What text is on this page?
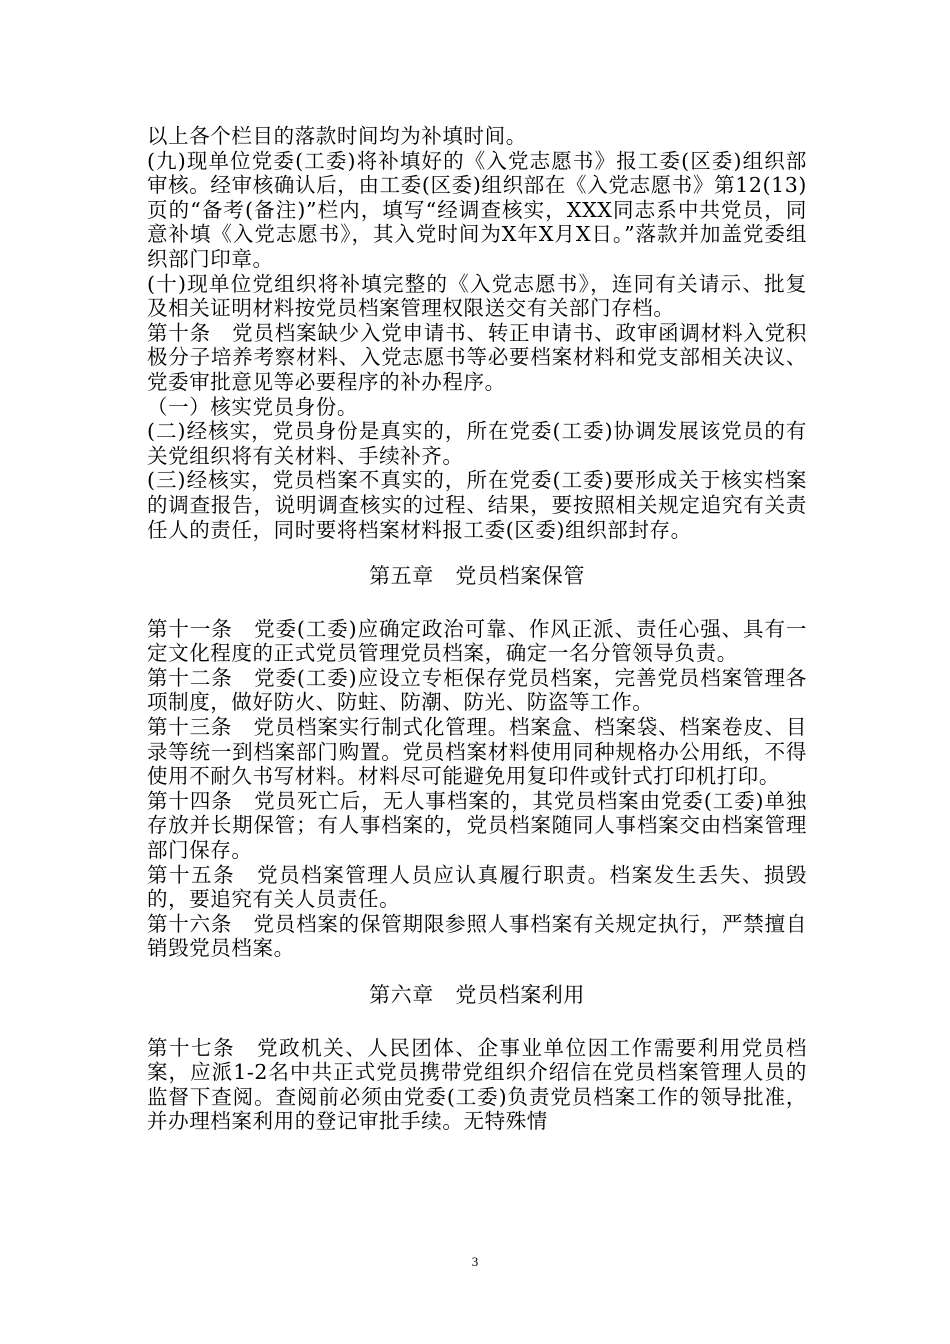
以上各个栏目的落款时间均为补填时间。

(九)现单位党委(工委)将补填好的《入党志愿书》报工委(区委)组织部审核。经审核确认后，由工委(区委)组织部在《入党志愿书》第12(13)页的“备考(备注)”栏内，填写“经调查核实，XXX同志系中共党员，同意补填《入党志愿书》，其入党时间为X年X月X日。”落款并加盖党委组织部门印章。

(十)现单位党组织将补填完整的《入党志愿书》，连同有关请示、批复及相关证明材料按党员档案管理权限送交有关部门存档。

第十条　党员档案缺少入党申请书、转正申请书、政审函调材料入党积极分子培养考察材料、入党志愿书等必要档案材料和党支部相关决议、党委审批意见等必要程序的补办程序。

（一）核实党员身份。

(二)经核实，党员身份是真实的，所在党委(工委)协调发展该党员的有关党组织将有关材料、手续补齐。

(三)经核实，党员档案不真实的，所在党委(工委)要形成关于核实档案的调查报告，说明调查核实的过程、结果，要按照相关规定追究有关责任人的责任，同时要将档案材料报工委(区委)组织部封存。

第五章　党员档案保管

第十一条　党委(工委)应确定政治可靠、作风正派、责任心强、具有一定文化程度的正式党员管理党员档案，确定一名分管领导负责。

第十二条　党委(工委)应设立专柜保存党员档案，完善党员档案管理各项制度，做好防火、防蛀、防潮、防光、防盗等工作。

第十三条　党员档案实行制式化管理。档案盒、档案袋、档案卷皮、目录等统一到档案部门购置。党员档案材料使用同种规格办公用纸，不得使用不耐久书写材料。材料尽可能避免用复印件或针式打印机打印。

第十四条　党员死亡后，无人事档案的，其党员档案由党委(工委)单独存放并长期保管；有人事档案的，党员档案随同人事档案交由档案管理部门保存。

第十五条　党员档案管理人员应认真履行职责。档案发生丢失、损毁的，要追究有关人员责任。

第十六条　党员档案的保管期限参照人事档案有关规定执行，严禁擅自销毁党员档案。

第六章　党员档案利用

第十七条　党政机关、人民团体、企事业单位因工作需要利用党员档案，应派1-2名中共正式党员携带党组织介绍信在党员档案管理人员的监督下查阅。查阅前必须由党委(工委)负责党员档案工作的领导批准，并办理档案利用的登记审批手续。无特殊情

3
